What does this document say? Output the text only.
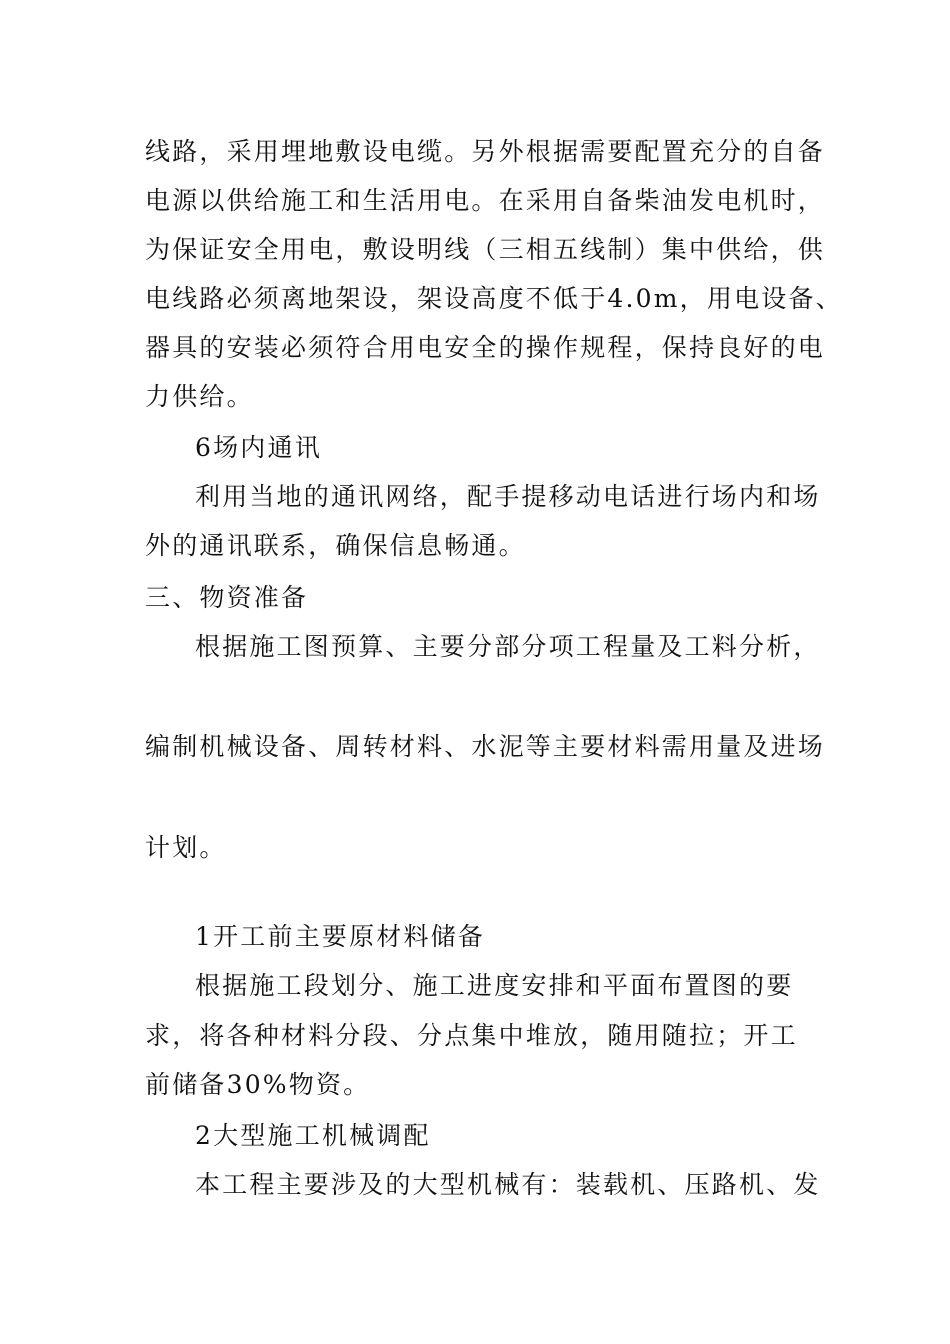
线路，采用埋地敷设电缆。另外根据需要配置充分的自备
电源以供给施工和生活用电。在采用自备柴油发电机时，
为保证安全用电，敷设明线（三相五线制）集中供给，供
电线路必须离地架设，架设高度不低于4.0m，用电设备、
器具的安装必须符合用电安全的操作规程，保持良好的电
力供给。
6场内通讯
利用当地的通讯网络，配手提移动电话进行场内和场
外的通讯联系，确保信息畅通。
三、物资准备
根据施工图预算、主要分部分项工程量及工料分析，
编制机械设备、周转材料、水泥等主要材料需用量及进场
计划。
1开工前主要原材料储备
根据施工段划分、施工进度安排和平面布置图的要
求，将各种材料分段、分点集中堆放，随用随拉；开工
前储备30%物资。
2大型施工机械调配
本工程主要涉及的大型机械有：装载机、压路机、发
